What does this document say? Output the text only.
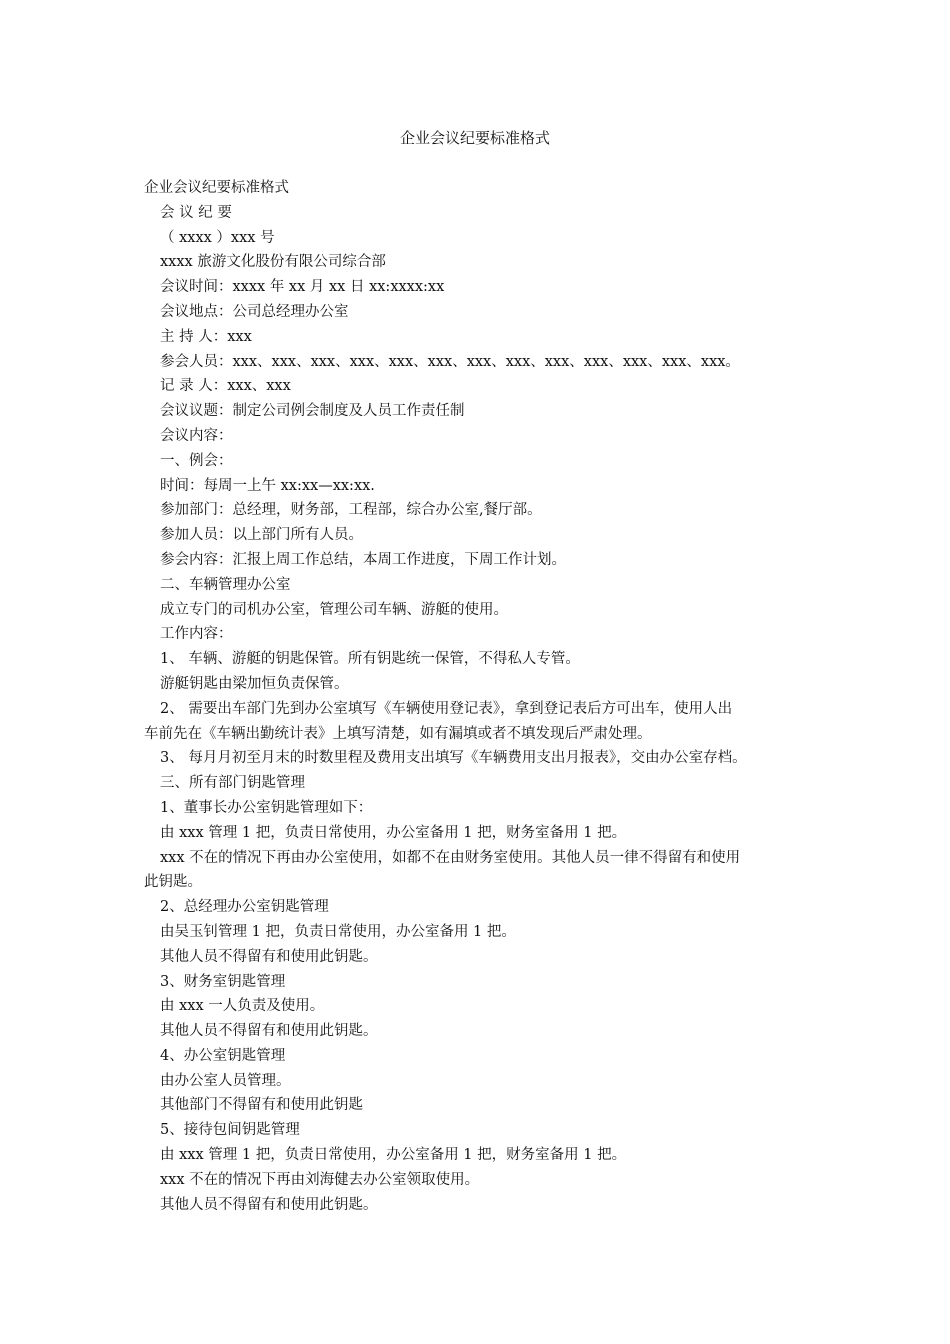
企业会议纪要标准格式
企业会议纪要标准格式
会 议 纪 要
（ xxxx ）xxx 号
xxxx 旅游文化股份有限公司综合部
会议时间：xxxx 年 xx 月 xx 日 xx:xxxx:xx
会议地点：公司总经理办公室
主 持 人：xxx
参会人员：xxx、xxx、xxx、xxx、xxx、xxx、xxx、xxx、xxx、xxx、xxx、xxx、xxx。
记 录 人：xxx、xxx
会议议题：制定公司例会制度及人员工作责任制
会议内容：
一、例会：
时间：每周一上午 xx:xx—xx:xx.
参加部门：总经理，财务部，工程部，综合办公室,餐厅部。
参加人员：以上部门所有人员。
参会内容：汇报上周工作总结，本周工作进度，下周工作计划。
二、车辆管理办公室
成立专门的司机办公室，管理公司车辆、游艇的使用。
工作内容：
1、 车辆、游艇的钥匙保管。所有钥匙统一保管，不得私人专管。
游艇钥匙由梁加恒负责保管。
2、 需要出车部门先到办公室填写《车辆使用登记表》，拿到登记表后方可出车，使用人出
车前先在《车辆出勤统计表》上填写清楚，如有漏填或者不填发现后严肃处理。
3、 每月月初至月末的时数里程及费用支出填写《车辆费用支出月报表》，交由办公室存档。
三、所有部门钥匙管理
1、董事长办公室钥匙管理如下：
由 xxx 管理 1 把，负责日常使用，办公室备用 1 把，财务室备用 1 把。
xxx 不在的情况下再由办公室使用，如都不在由财务室使用。其他人员一律不得留有和使用
此钥匙。
2、总经理办公室钥匙管理
由吴玉钊管理 1 把，负责日常使用，办公室备用 1 把。
其他人员不得留有和使用此钥匙。
3、财务室钥匙管理
由 xxx 一人负责及使用。
其他人员不得留有和使用此钥匙。
4、办公室钥匙管理
由办公室人员管理。
其他部门不得留有和使用此钥匙
5、接待包间钥匙管理
由 xxx 管理 1 把，负责日常使用，办公室备用 1 把，财务室备用 1 把。
xxx 不在的情况下再由刘海健去办公室领取使用。
其他人员不得留有和使用此钥匙。
